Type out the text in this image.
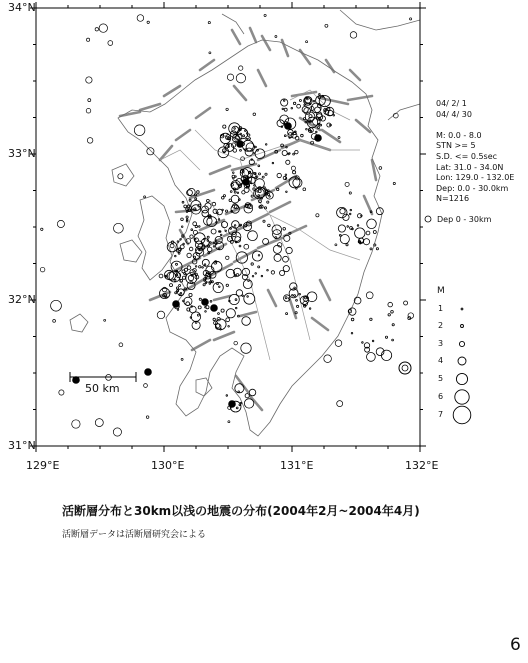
34°N
33°N
32°N
31°N
129°E	130°E	131°E	132°E
50 km
04/ 2/ 1
04/ 4/ 30

M: 0.0 - 8.0
STN >= 5
S.D. <= 0.5sec
Lat: 31.0 - 34.0N
Lon: 129.0 - 132.0E
Dep: 0.0 - 30.0km
N=1216
Dep 0 - 30km
M
1
2
3
4
5
6
7
活断層分布と30km以浅の地震の分布(2004年2月~2004年4月)
活断層データは活断層研究会による
6
